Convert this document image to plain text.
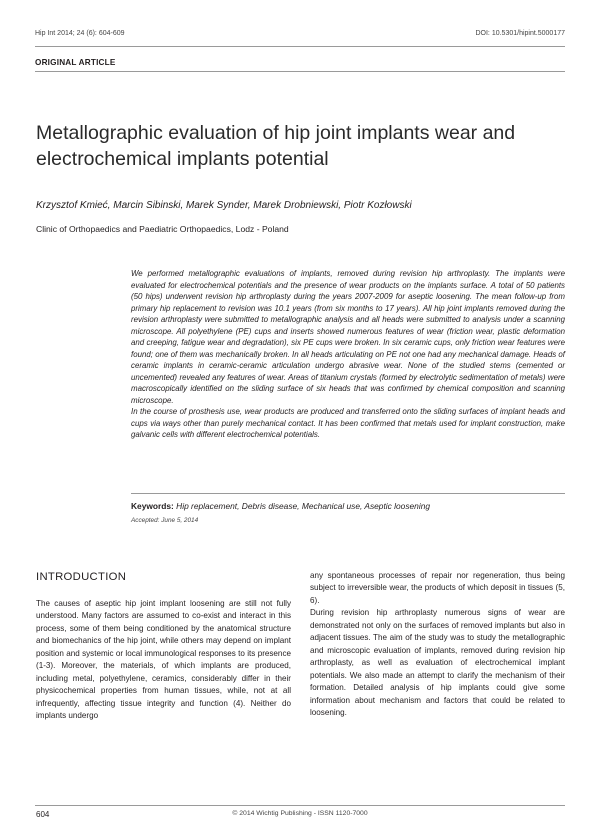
Hip Int 2014; 24 (6): 604-609	DOI: 10.5301/hipint.5000177
ORIGINAL ARTICLE
Metallographic evaluation of hip joint implants wear and electrochemical implants potential
Krzysztof Kmieć, Marcin Sibinski, Marek Synder, Marek Drobniewski, Piotr Kozłowski
Clinic of Orthopaedics and Paediatric Orthopaedics, Lodz - Poland

We performed metallographic evaluations of implants, removed during revision hip arthroplasty. The implants were evaluated for electrochemical potentials and the presence of wear products on the implants surface. A total of 50 patients (50 hips) underwent revision hip arthroplasty during the years 2007-2009 for aseptic loosening. The mean follow-up from primary hip replacement to revision was 10.1 years (from six months to 17 years). All hip joint implants removed during the revision arthroplasty were submitted to metallographic analysis and all heads were submitted to analysis under a scanning microscope. All polyethylene (PE) cups and inserts showed numerous features of wear (friction wear, plastic deformation and creeping, fatigue wear and degradation), six PE cups were broken. In six ceramic cups, only friction wear features were found; one of them was mechanically broken. In all heads articulating on PE not one had any mechanical damage. Heads of ceramic implants in ceramic-ceramic articulation undergo abrasive wear. None of the studied stems (cemented or uncemented) revealed any features of wear. Areas of titanium crystals (formed by electrolytic sedimentation of metals) were macroscopically identified on the sliding surface of six heads that was confirmed by chemical composition and scanning microscope.

In the course of prosthesis use, wear products are produced and transferred onto the sliding surfaces of implant heads and cups via ways other than purely mechanical contact. It has been confirmed that metals used for implant construction, make galvanic cells with different electrochemical potentials.

Keywords: Hip replacement, Debris disease, Mechanical use, Aseptic loosening
Accepted: June 5, 2014
INTRODUCTION

The causes of aseptic hip joint implant loosening are still not fully understood. Many factors are assumed to co-exist and interact in this process, some of them being conditioned by the anatomical structure and biomechanics of the hip joint, while others may depend on implant position and systemic or local immunological responses to its presence (1-3). Moreover, the materials, of which implants are produced, including metal, polyethylene, ceramics, considerably differ in their physicochemical properties from human tissues, while, not at all infrequently, affecting tissue integrity and function (4). Neither do implants undergo

any spontaneous processes of repair nor regeneration, thus being subject to irreversible wear, the products of which deposit in tissues (5, 6).

During revision hip arthroplasty numerous signs of wear are demonstrated not only on the surfaces of removed implants but also in adjacent tissues. The aim of the study was to study the metallographic and microscopic evaluation of implants, removed during revision hip arthroplasty, as well as evaluation of electrochemical implant potentials. We also made an attempt to clarify the mechanism of their formation. Detailed analysis of hip implants could give some information about mechanism and factors that could be related to loosening.

604	© 2014 Wichtig Publishing - ISSN 1120-7000
